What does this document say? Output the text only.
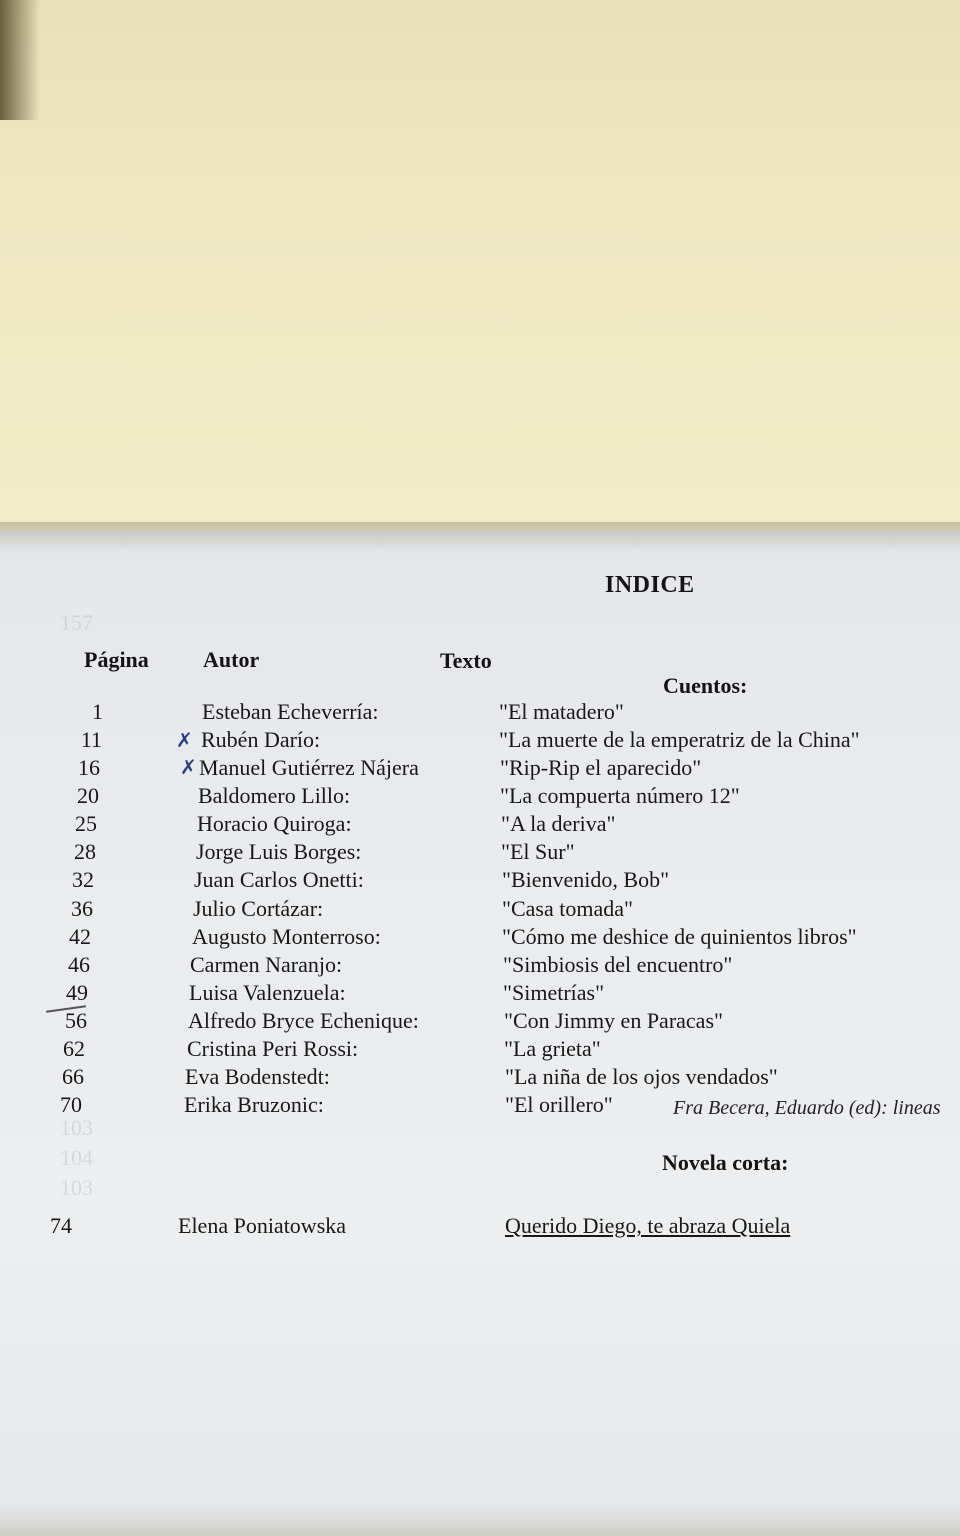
157
103
104
103
INDICE
Página Autor	Texto
Cuentos:
1	Esteban Echeverría:	"El matadero"
11	Rubén Darío:	"La muerte de la emperatriz de la China"
16	Manuel Gutiérrez Nájera	"Rip-Rip el aparecido"
20	Baldomero Lillo:	"La compuerta número 12"
25	Horacio Quiroga:	"A la deriva"
28	Jorge Luis Borges:	"El Sur"
32	Juan Carlos Onetti:	"Bienvenido, Bob"
36	Julio Cortázar:	"Casa tomada"
42	Augusto Monterroso:	"Cómo me deshice de quinientos libros"
46	Carmen Naranjo:	"Simbiosis del encuentro"
49	Luisa Valenzuela:	"Simetrías"
56	Alfredo Bryce Echenique:	"Con Jimmy en Paracas"
62	Cristina Peri Rossi:	"La grieta"
66	Eva Bodenstedt:	"La niña de los ojos vendados"
70	Erika Bruzonic:	"El orillero"
✗
✗
Fra Becera, Eduardo (ed): lineas
Novela corta:
74	Elena Poniatowska	Querido Diego, te abraza Quiela
